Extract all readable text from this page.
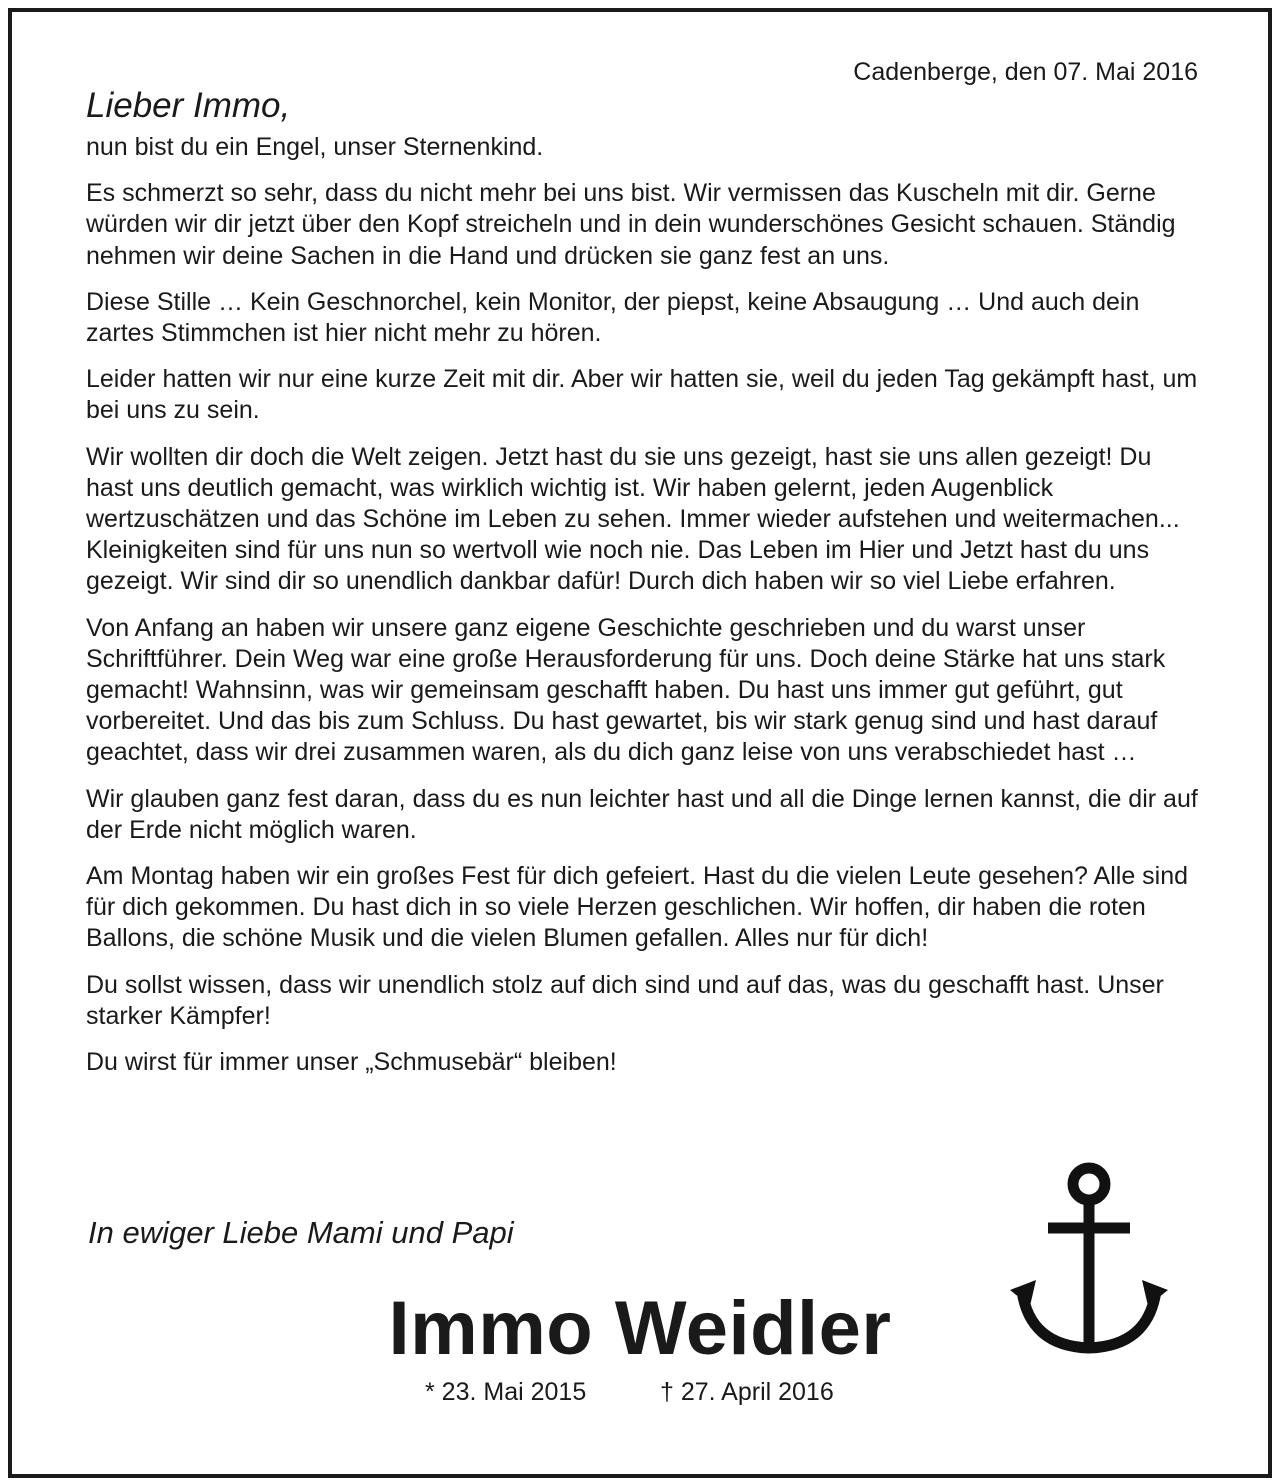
Cadenberge, den 07. Mai 2016

Lieber Immo,

nun bist du ein Engel, unser Sternenkind.

Es schmerzt so sehr, dass du nicht mehr bei uns bist. Wir vermissen das Kuscheln mit dir. Gerne würden wir dir jetzt über den Kopf streicheln und in dein wunderschönes Gesicht schauen. Ständig nehmen wir deine Sachen in die Hand und drücken sie ganz fest an uns.

Diese Stille … Kein Geschnorchel, kein Monitor, der piepst, keine Absaugung … Und auch dein zartes Stimmchen ist hier nicht mehr zu hören.

Leider hatten wir nur eine kurze Zeit mit dir. Aber wir hatten sie, weil du jeden Tag gekämpft hast, um bei uns zu sein.

Wir wollten dir doch die Welt zeigen. Jetzt hast du sie uns gezeigt, hast sie uns allen gezeigt! Du hast uns deutlich gemacht, was wirklich wichtig ist. Wir haben gelernt, jeden Augenblick wertzuschätzen und das Schöne im Leben zu sehen. Immer wieder aufstehen und weitermachen... Kleinigkeiten sind für uns nun so wertvoll wie noch nie. Das Leben im Hier und Jetzt hast du uns gezeigt. Wir sind dir so unendlich dankbar dafür! Durch dich haben wir so viel Liebe erfahren.

Von Anfang an haben wir unsere ganz eigene Geschichte geschrieben und du warst unser Schriftführer. Dein Weg war eine große Herausforderung für uns. Doch deine Stärke hat uns stark gemacht! Wahnsinn, was wir gemeinsam geschafft haben. Du hast uns immer gut geführt, gut vorbereitet. Und das bis zum Schluss. Du hast gewartet, bis wir stark genug sind und hast darauf geachtet, dass wir drei zusammen waren, als du dich ganz leise von uns verabschiedet hast …

Wir glauben ganz fest daran, dass du es nun leichter hast und all die Dinge lernen kannst, die dir auf der Erde nicht möglich waren.

Am Montag haben wir ein großes Fest für dich gefeiert. Hast du die vielen Leute gesehen? Alle sind für dich gekommen. Du hast dich in so viele Herzen geschlichen. Wir hoffen, dir haben die roten Ballons, die schöne Musik und die vielen Blumen gefallen. Alles nur für dich!

Du sollst wissen, dass wir unendlich stolz auf dich sind und auf das, was du geschafft hast. Unser starker Kämpfer!

Du wirst für immer unser „Schmusebär“ bleiben!

In ewiger Liebe Mami und Papi
Immo Weidler
* 23. Mai 2015	† 27. April 2016
